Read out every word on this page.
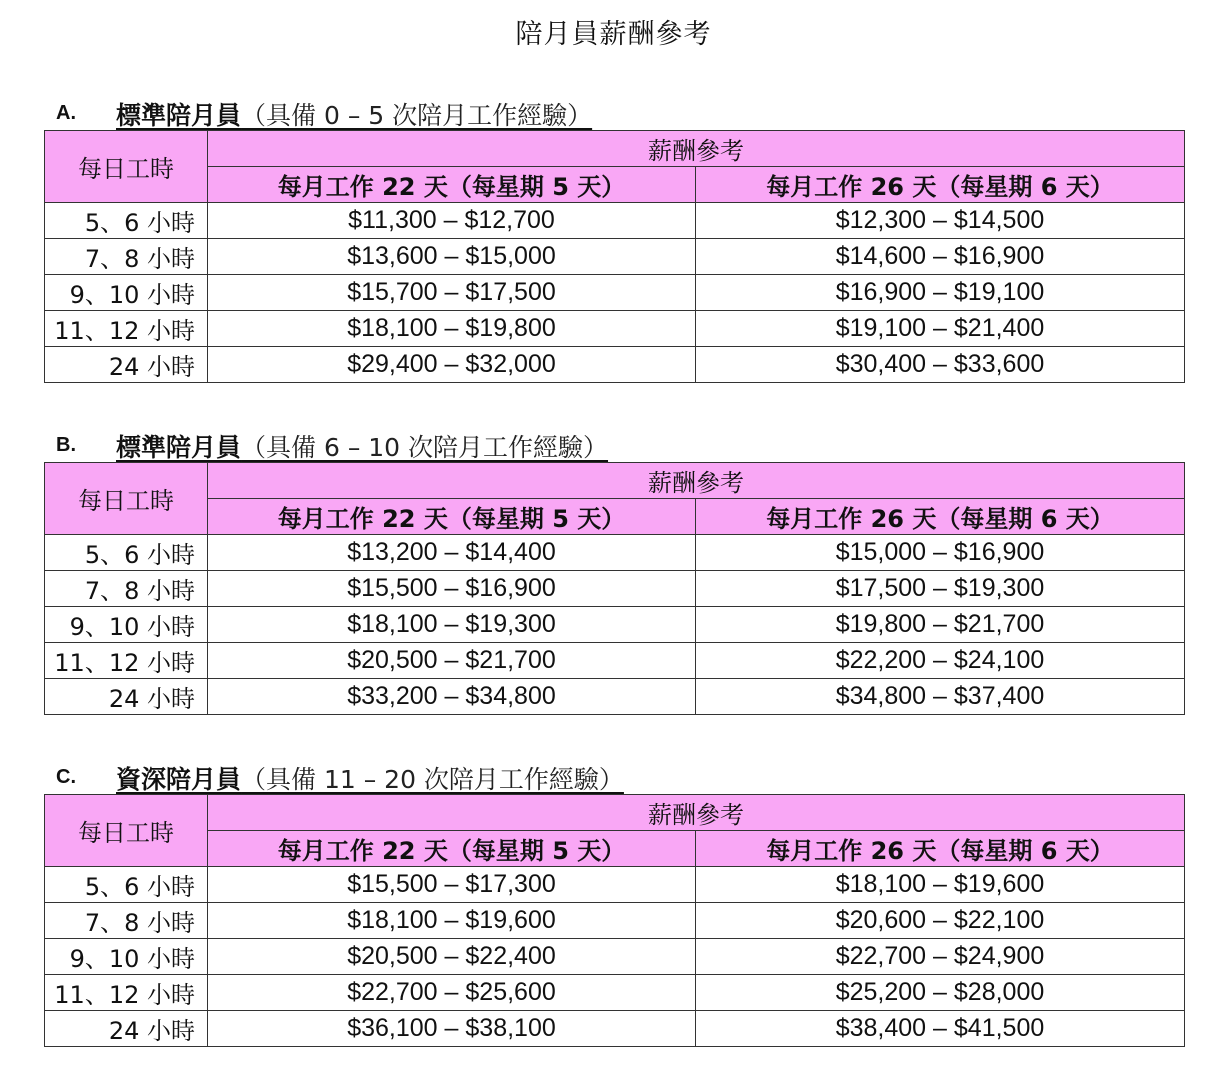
陪月員薪酬參考
A. 標準陪月員（具備 0 – 5 次陪月工作經驗）
每日工時	薪酬參考	
	每月工作 22 天（每星期 5 天）	每月工作 26 天（每星期 6 天）
5、6 小時	$11,300 – $12,700	$12,300 – $14,500
7、8 小時	$13,600 – $15,000	$14,600 – $16,900
9、10 小時	$15,700 – $17,500	$16,900 – $19,100
11、12 小時	$18,100 – $19,800	$19,100 – $21,400
24 小時	$29,400 – $32,000	$30,400 – $33,600
B. 標準陪月員（具備 6 – 10 次陪月工作經驗）
每日工時	薪酬參考	
	每月工作 22 天（每星期 5 天）	每月工作 26 天（每星期 6 天）
5、6 小時	$13,200 – $14,400	$15,000 – $16,900
7、8 小時	$15,500 – $16,900	$17,500 – $19,300
9、10 小時	$18,100 – $19,300	$19,800 – $21,700
11、12 小時	$20,500 – $21,700	$22,200 – $24,100
24 小時	$33,200 – $34,800	$34,800 – $37,400
C. 資深陪月員（具備 11 – 20 次陪月工作經驗）
每日工時	薪酬參考	
	每月工作 22 天（每星期 5 天）	每月工作 26 天（每星期 6 天）
5、6 小時	$15,500 – $17,300	$18,100 – $19,600
7、8 小時	$18,100 – $19,600	$20,600 – $22,100
9、10 小時	$20,500 – $22,400	$22,700 – $24,900
11、12 小時	$22,700 – $25,600	$25,200 – $28,000
24 小時	$36,100 – $38,100	$38,400 – $41,500
